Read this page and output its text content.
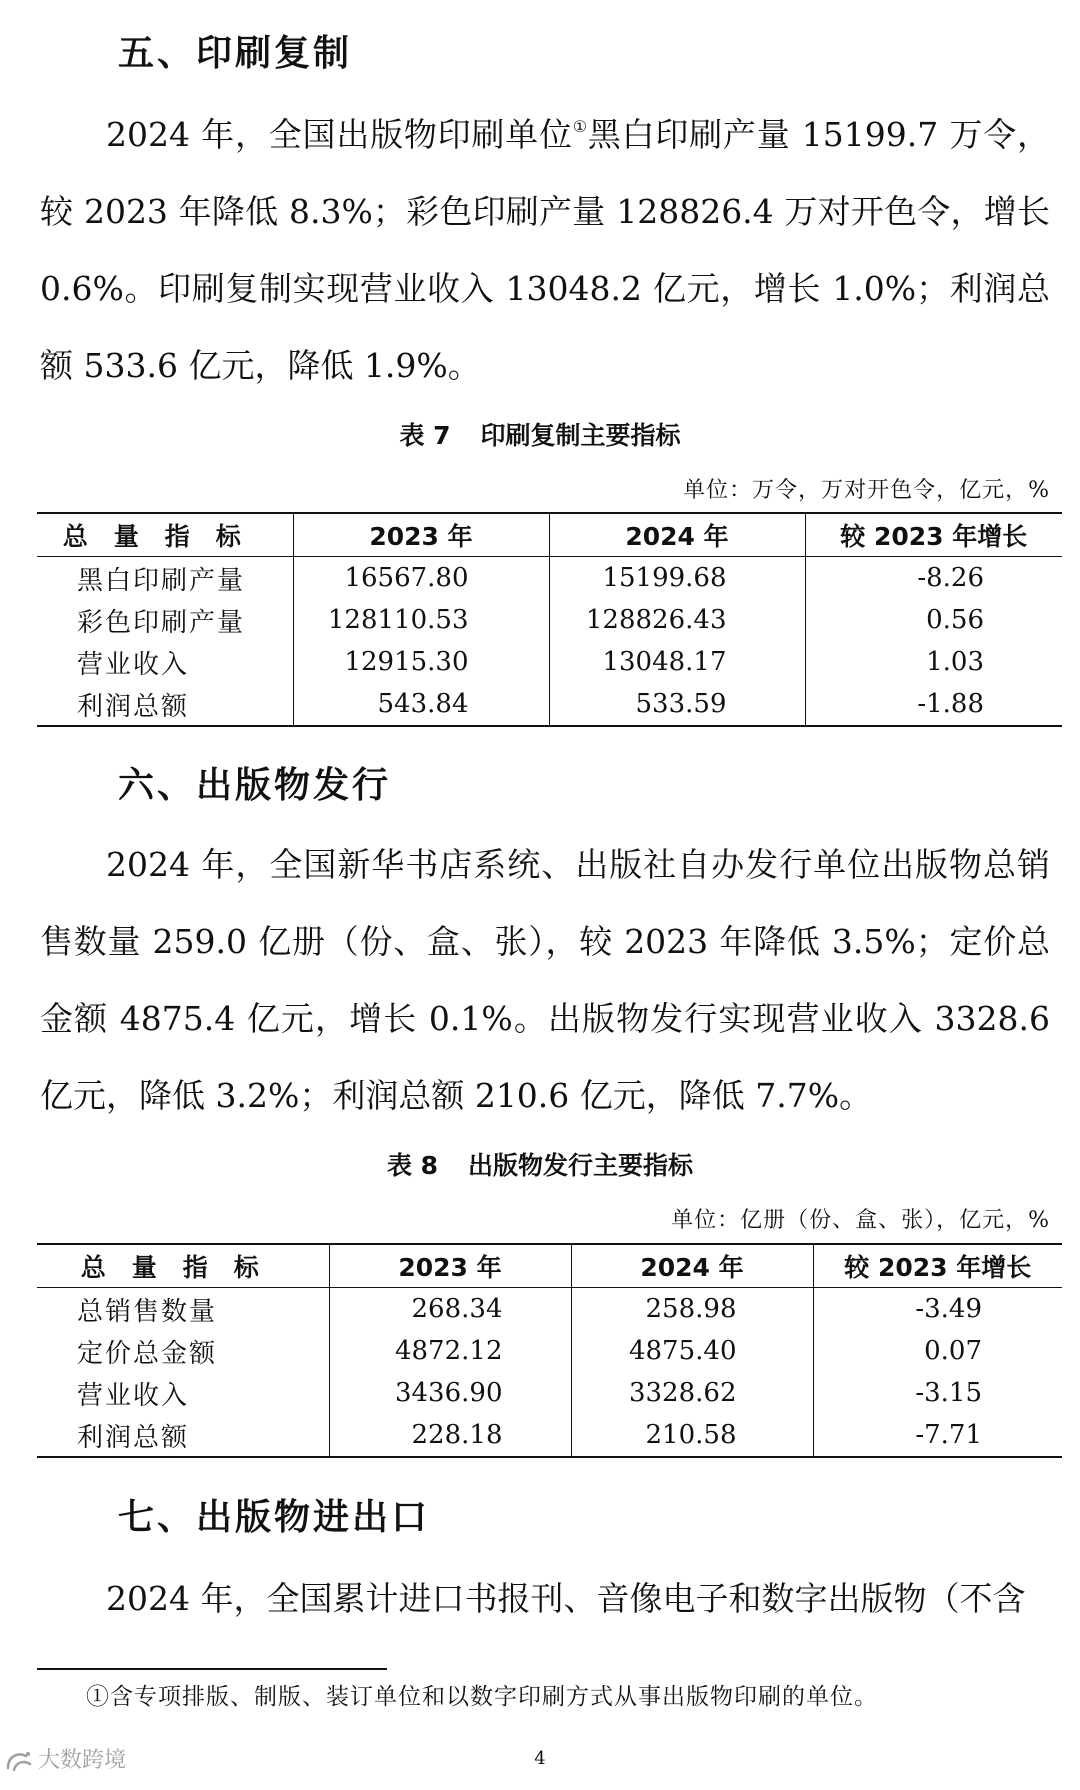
五、印刷复制

2024 年，全国出版物印刷单位①黑白印刷产量 15199.7 万令，较 2023 年降低 8.3%；彩色印刷产量 128826.4 万对开色令，增长 0.6%。印刷复制实现营业收入 13048.2 亿元，增长 1.0%；利润总额 533.6 亿元，降低 1.9%。

表 7 印刷复制主要指标
单位：万令，万对开色令，亿元，%
总量指标	2023 年	2024 年	较 2023 年增长
黑白印刷产量	16567.80	15199.68	-8.26
彩色印刷产量	128110.53	128826.43	0.56
营业收入	12915.30	13048.17	1.03
利润总额	543.84	533.59	-1.88
六、出版物发行

2024 年，全国新华书店系统、出版社自办发行单位出版物总销售数量 259.0 亿册（份、盒、张），较 2023 年降低 3.5%；定价总金额 4875.4 亿元，增长 0.1%。出版物发行实现营业收入 3328.6 亿元，降低 3.2%；利润总额 210.6 亿元，降低 7.7%。

表 8 出版物发行主要指标
单位：亿册（份、盒、张），亿元，%
总量指标	2023 年	2024 年	较 2023 年增长
总销售数量	268.34	258.98	-3.49
定价总金额	4872.12	4875.40	0.07
营业收入	3436.90	3328.62	-3.15
利润总额	228.18	210.58	-7.71
七、出版物进出口

2024 年，全国累计进口书报刊、音像电子和数字出版物（不含

①含专项排版、制版、装订单位和以数字印刷方式从事出版物印刷的单位。

4
大数跨境
